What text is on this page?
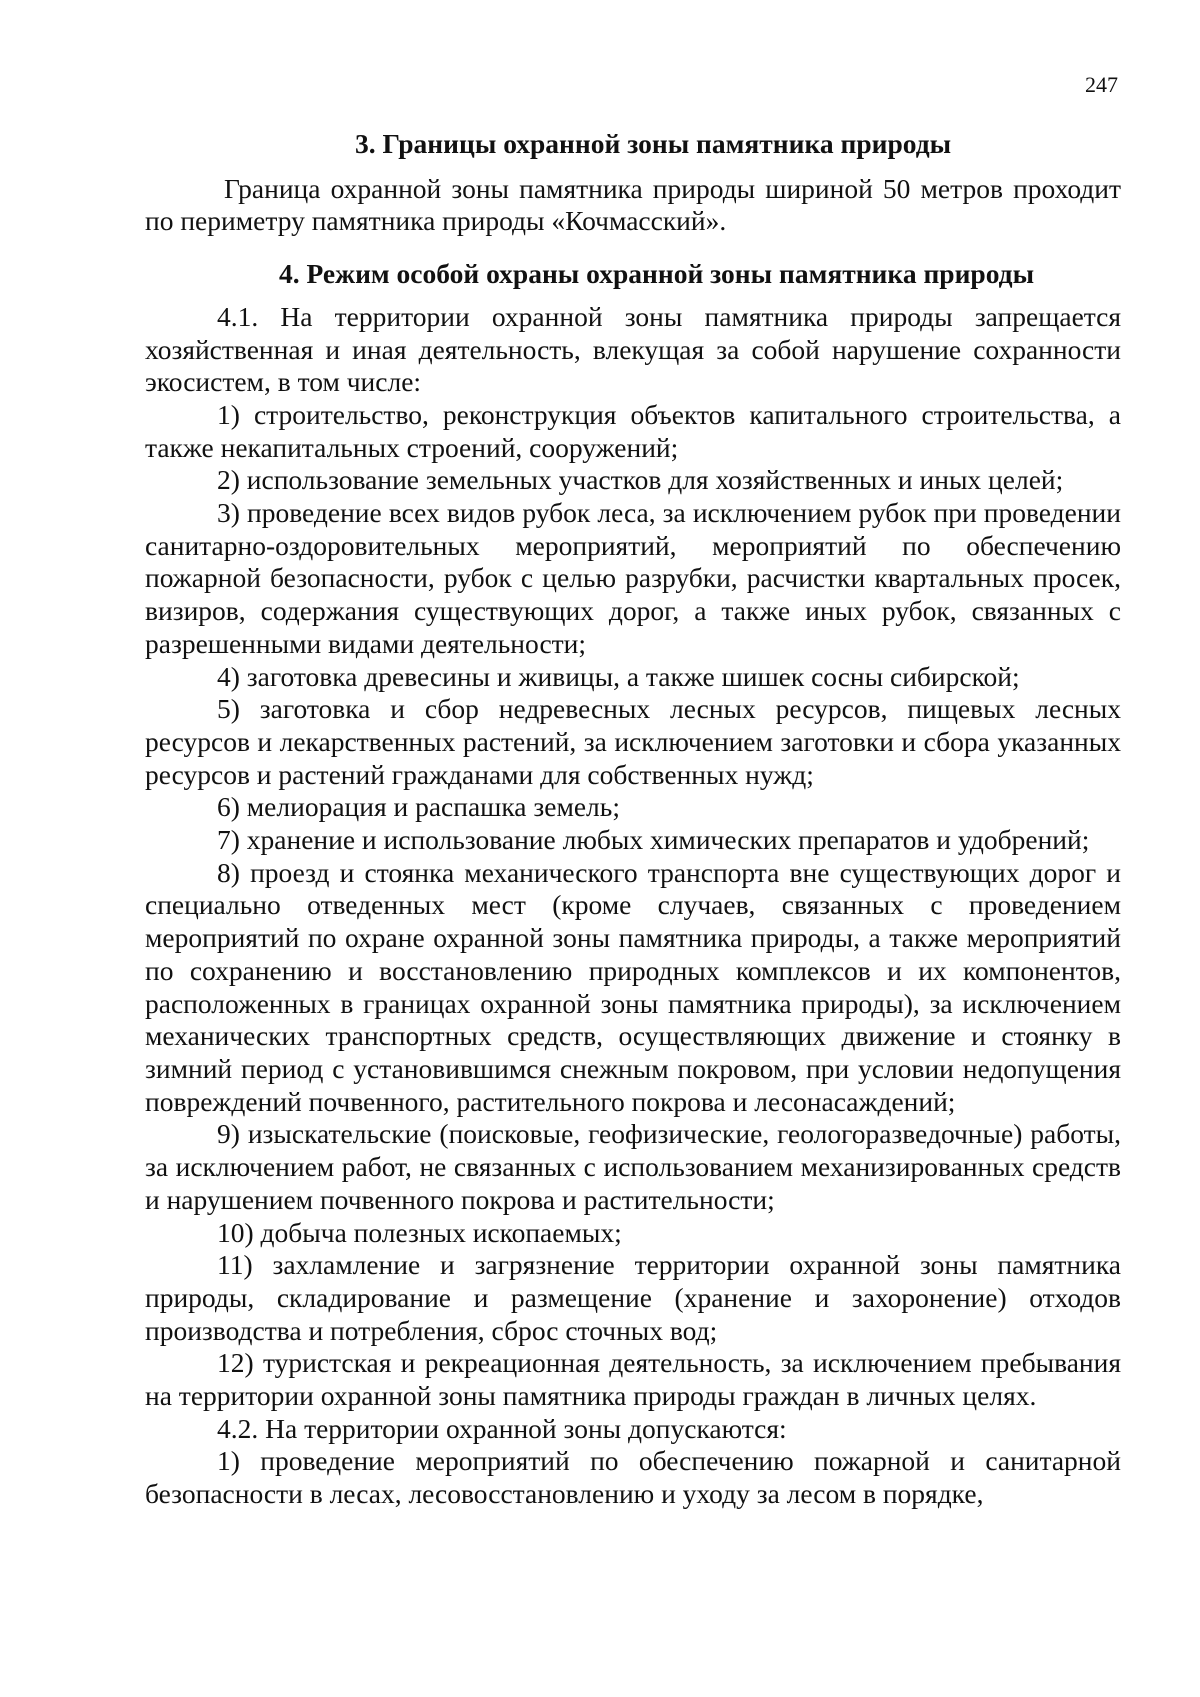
247

3. Границы охранной зоны памятника природы

Граница охранной зоны памятника природы шириной 50 метров проходит по периметру памятника природы «Кочмасский».

4. Режим особой охраны охранной зоны памятника природы

4.1. На территории охранной зоны памятника природы запрещается хозяйственная и иная деятельность, влекущая за собой нарушение сохранности экосистем, в том числе:

1) строительство, реконструкция объектов капитального строительства, а также некапитальных строений, сооружений;

2) использование земельных участков для хозяйственных и иных целей;

3) проведение всех видов рубок леса, за исключением рубок при проведении санитарно-оздоровительных мероприятий, мероприятий по обеспечению пожарной безопасности, рубок с целью разрубки, расчистки квартальных просек, визиров, содержания существующих дорог, а также иных рубок, связанных с разрешенными видами деятельности;

4) заготовка древесины и живицы, а также шишек сосны сибирской;

5) заготовка и сбор недревесных лесных ресурсов, пищевых лесных ресурсов и лекарственных растений, за исключением заготовки и сбора указанных ресурсов и растений гражданами для собственных нужд;

6) мелиорация и распашка земель;

7) хранение и использование любых химических препаратов и удобрений;

8) проезд и стоянка механического транспорта вне существующих дорог и специально отведенных мест (кроме случаев, связанных с проведением мероприятий по охране охранной зоны памятника природы, а также мероприятий по сохранению и восстановлению природных комплексов и их компонентов, расположенных в границах охранной зоны памятника природы), за исключением механических транспортных средств, осуществляющих движение и стоянку в зимний период с установившимся снежным покровом, при условии недопущения повреждений почвенного, растительного покрова и лесонасаждений;

9) изыскательские (поисковые, геофизические, геологоразведочные) работы, за исключением работ, не связанных с использованием механизированных средств и нарушением почвенного покрова и растительности;

10) добыча полезных ископаемых;

11) захламление и загрязнение территории охранной зоны памятника природы, складирование и размещение (хранение и захоронение) отходов производства и потребления, сброс сточных вод;

12) туристская и рекреационная деятельность, за исключением пребывания на территории охранной зоны памятника природы граждан в личных целях.

4.2. На территории охранной зоны допускаются:

1) проведение мероприятий по обеспечению пожарной и санитарной безопасности в лесах, лесовосстановлению и уходу за лесом в порядке,
